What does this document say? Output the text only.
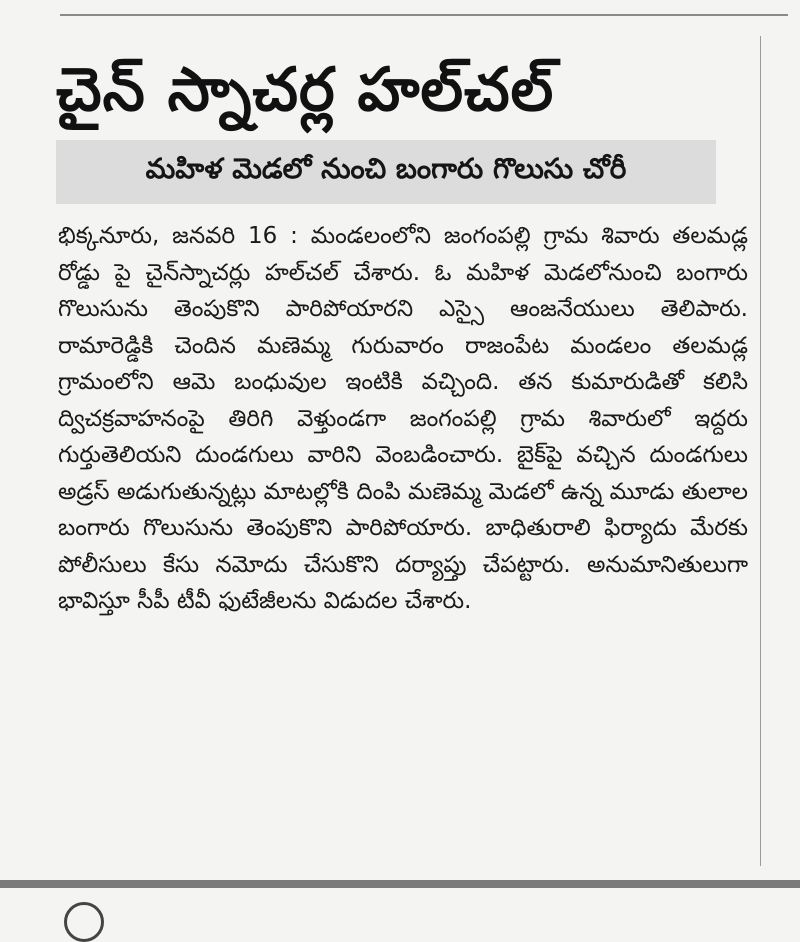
చైన్‌ స్నాచర్ల హల్‌చల్‌
మహిళ మెడలో నుంచి బంగారు గొలుసు చోరీ
భిక్కనూరు, జనవరి 16 : మండలంలోని జంగంపల్లి గ్రామ శివారు తలమడ్ల రోడ్డు పై చైన్‌స్నాచర్లు హల్‌చల్‌ చేశారు. ఓ మహిళ మెడలోనుంచి బంగారు గొలుసును తెంపుకొని పారిపోయారని ఎస్సై ఆంజనేయులు తెలిపారు. రామారెడ్డికి చెందిన మణెమ్మ గురువారం రాజంపేట మండలం తలమడ్ల గ్రామంలోని ఆమె బంధువుల ఇంటికి వచ్చింది. తన కుమారుడితో కలిసి ద్విచక్రవాహనంపై తిరిగి వెళ్తుండగా జంగంపల్లి గ్రామ శివారులో ఇద్దరు గుర్తుతెలియని దుండగులు వారిని వెంబడించారు. బైక్‌పై వచ్చిన దుండగులు అడ్రస్‌ అడుగుతున్నట్లు మాటల్లోకి దింపి మణెమ్మ మెడలో ఉన్న మూడు తులాల బంగారు గొలుసును తెంపుకొని పారిపోయారు. బాధితురాలి ఫిర్యాదు మేరకు పోలీసులు కేసు నమోదు చేసుకొని దర్యాప్తు చేపట్టారు. అనుమానితులుగా భావిస్తూ సీపీ టీవీ ఫుటేజీలను విడుదల చేశారు.
